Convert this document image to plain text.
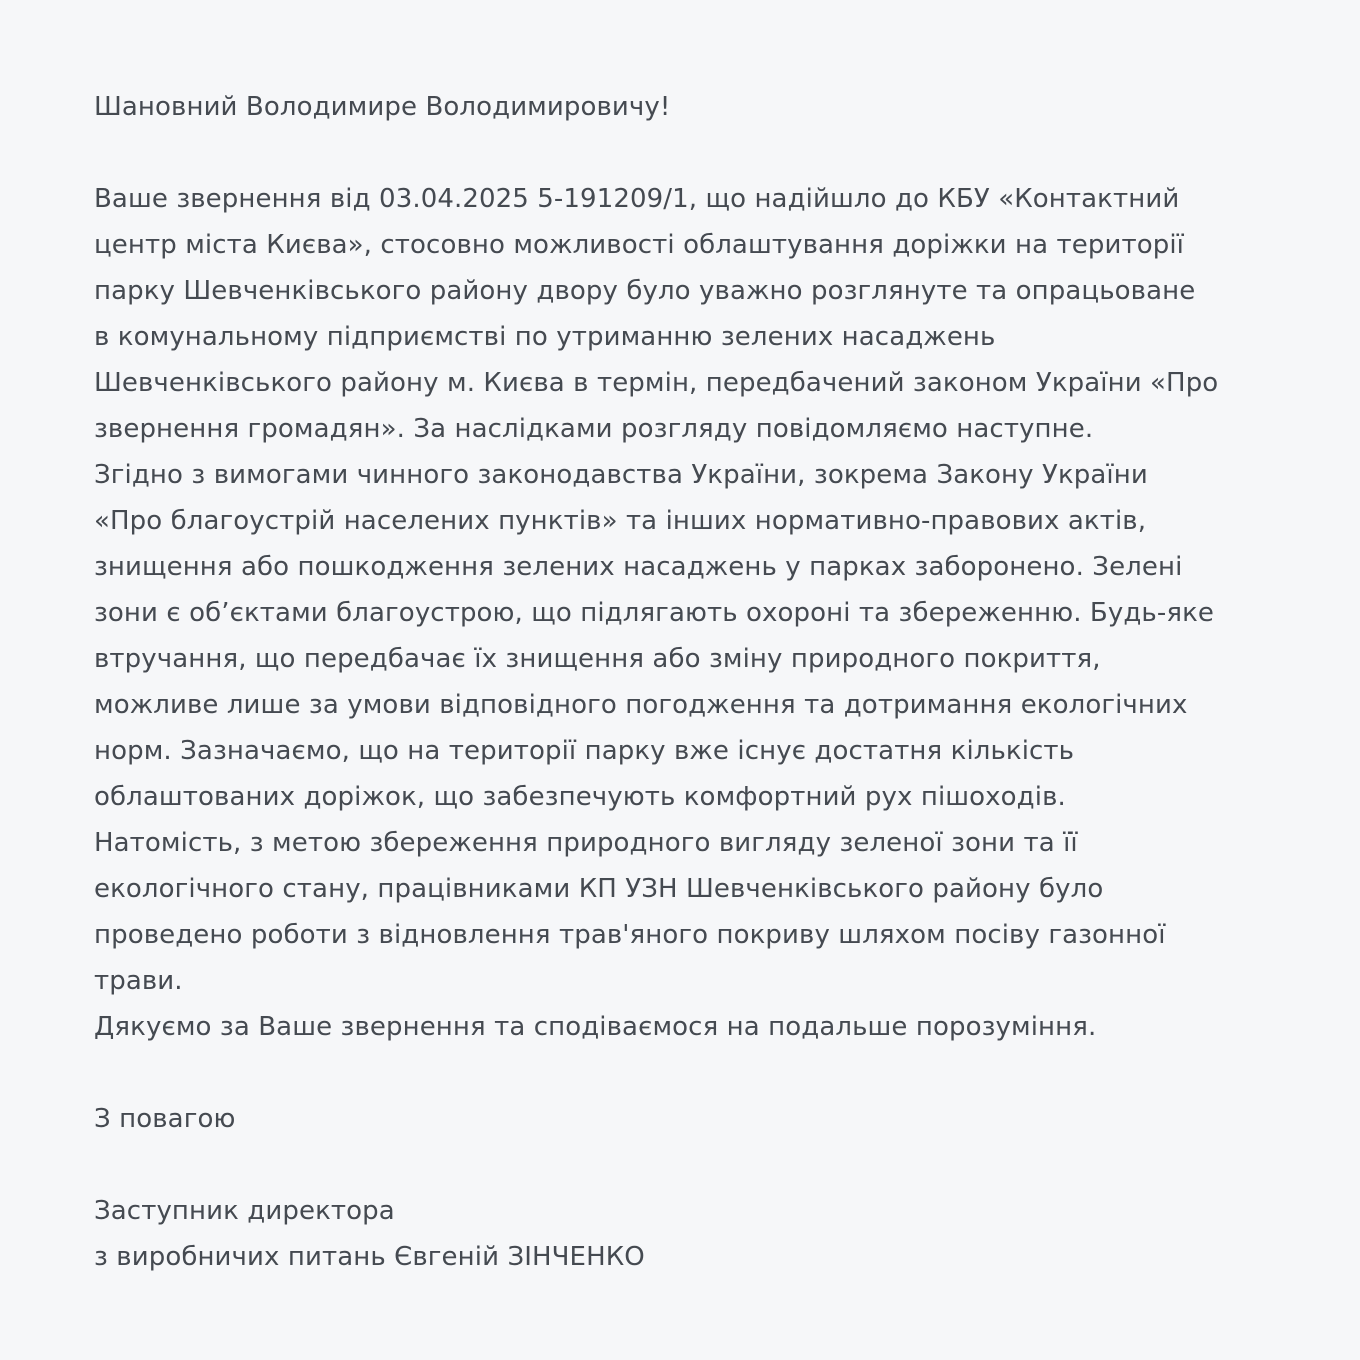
Шановний Володимире Володимировичу!
Ваше звернення від 03.04.2025 5-191209/1, що надійшло до КБУ «Контактний
центр міста Києва», стосовно можливості облаштування доріжки на території
парку Шевченківського району двору було уважно розглянуте та опрацьоване
в комунальному підприємстві по утриманню зелених насаджень
Шевченківського району м. Києва в термін, передбачений законом України «Про
звернення громадян». За наслідками розгляду повідомляємо наступне.
Згідно з вимогами чинного законодавства України, зокрема Закону України
«Про благоустрій населених пунктів» та інших нормативно-правових актів,
знищення або пошкодження зелених насаджень у парках заборонено. Зелені
зони є об’єктами благоустрою, що підлягають охороні та збереженню. Будь-яке
втручання, що передбачає їх знищення або зміну природного покриття,
можливе лише за умови відповідного погодження та дотримання екологічних
норм. Зазначаємо, що на території парку вже існує достатня кількість
облаштованих доріжок, що забезпечують комфортний рух пішоходів.
Натомість, з метою збереження природного вигляду зеленої зони та її
екологічного стану, працівниками КП УЗН Шевченківського району було
проведено роботи з відновлення трав'яного покриву шляхом посіву газонної
трави.
Дякуємо за Ваше звернення та сподіваємося на подальше порозуміння.
З повагою
Заступник директора
з виробничих питань Євгеній ЗІНЧЕНКО
